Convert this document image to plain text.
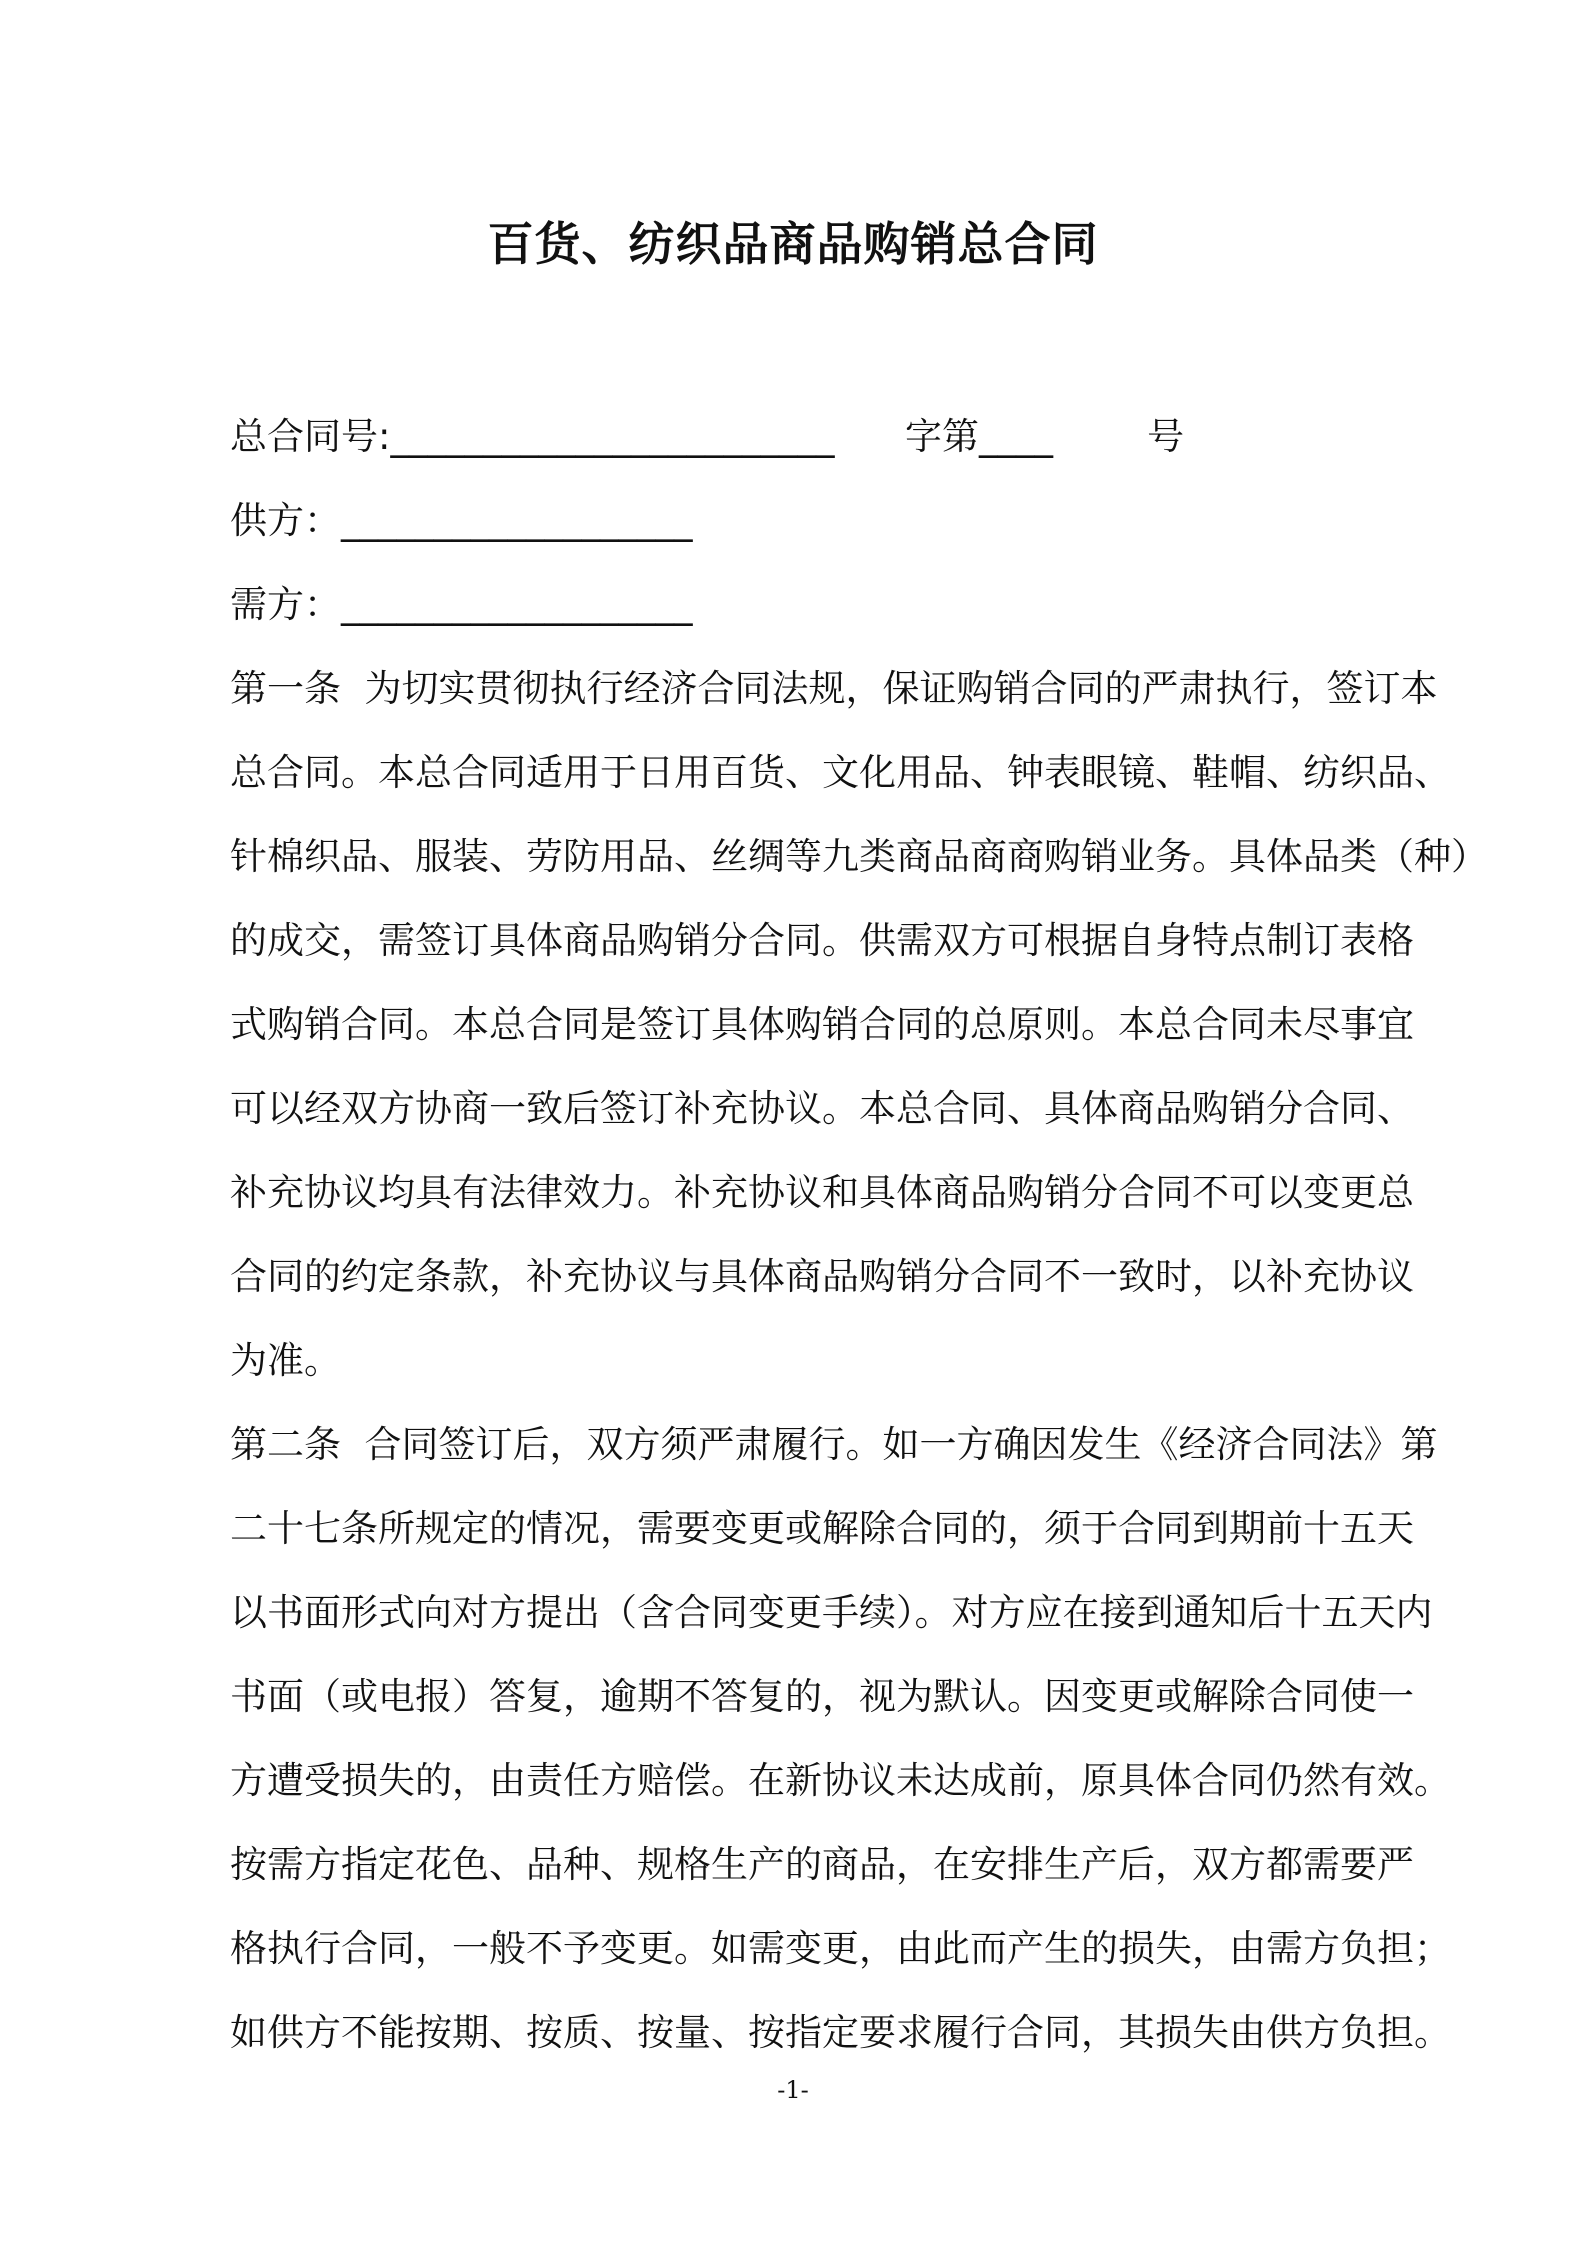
百货、纺织品商品购销总合同
总合同号:________________________ 字第____	号
供方：___________________
需方：___________________
第一条  为切实贯彻执行经济合同法规，保证购销合同的严肃执行，签订本
总合同。本总合同适用于日用百货、文化用品、钟表眼镜、鞋帽、纺织品、
针棉织品、服装、劳防用品、丝绸等九类商品商商购销业务。具体品类（种）
的成交，需签订具体商品购销分合同。供需双方可根据自身特点制订表格
式购销合同。本总合同是签订具体购销合同的总原则。本总合同未尽事宜
可以经双方协商一致后签订补充协议。本总合同、具体商品购销分合同、
补充协议均具有法律效力。补充协议和具体商品购销分合同不可以变更总
合同的约定条款，补充协议与具体商品购销分合同不一致时，以补充协议
为准。
第二条  合同签订后，双方须严肃履行。如一方确因发生《经济合同法》第
二十七条所规定的情况，需要变更或解除合同的，须于合同到期前十五天
以书面形式向对方提出（含合同变更手续）。对方应在接到通知后十五天内
书面（或电报）答复，逾期不答复的，视为默认。因变更或解除合同使一
方遭受损失的，由责任方赔偿。在新协议未达成前，原具体合同仍然有效。
按需方指定花色、品种、规格生产的商品，在安排生产后，双方都需要严
格执行合同，一般不予变更。如需变更，由此而产生的损失，由需方负担；
如供方不能按期、按质、按量、按指定要求履行合同，其损失由供方负担。
-1-
